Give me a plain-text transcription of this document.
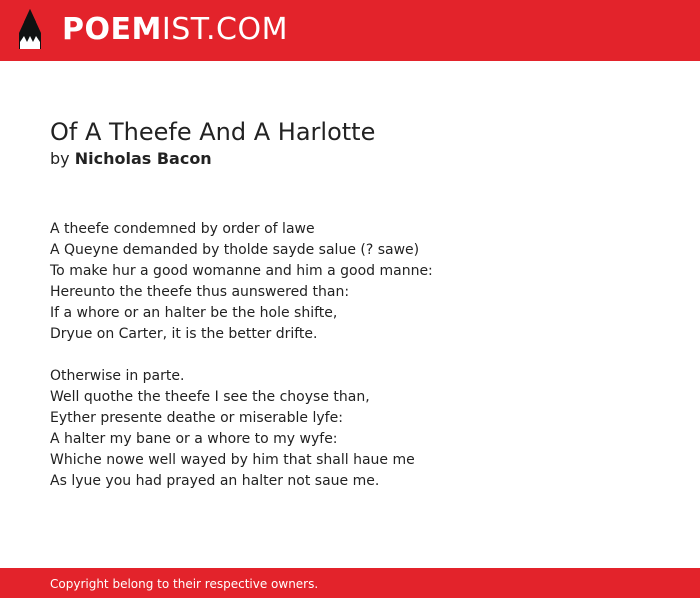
POEMIST.COM
Of A Theefe And A Harlotte
by Nicholas Bacon
A theefe condemned by order of lawe
A Queyne demanded by tholde sayde salue (? sawe)
To make hur a good womanne and him a good manne:
Hereunto the theefe thus aunswered than:
If a whore or an halter be the hole shifte,
Dryue on Carter, it is the better drifte.
Otherwise in parte.
Well quothe the theefe I see the choyse than,
Eyther presente deathe or miserable lyfe:
A halter my bane or a whore to my wyfe:
Whiche nowe well wayed by him that shall haue me
As lyue you had prayed an halter not saue me.
Copyright belong to their respective owners.
